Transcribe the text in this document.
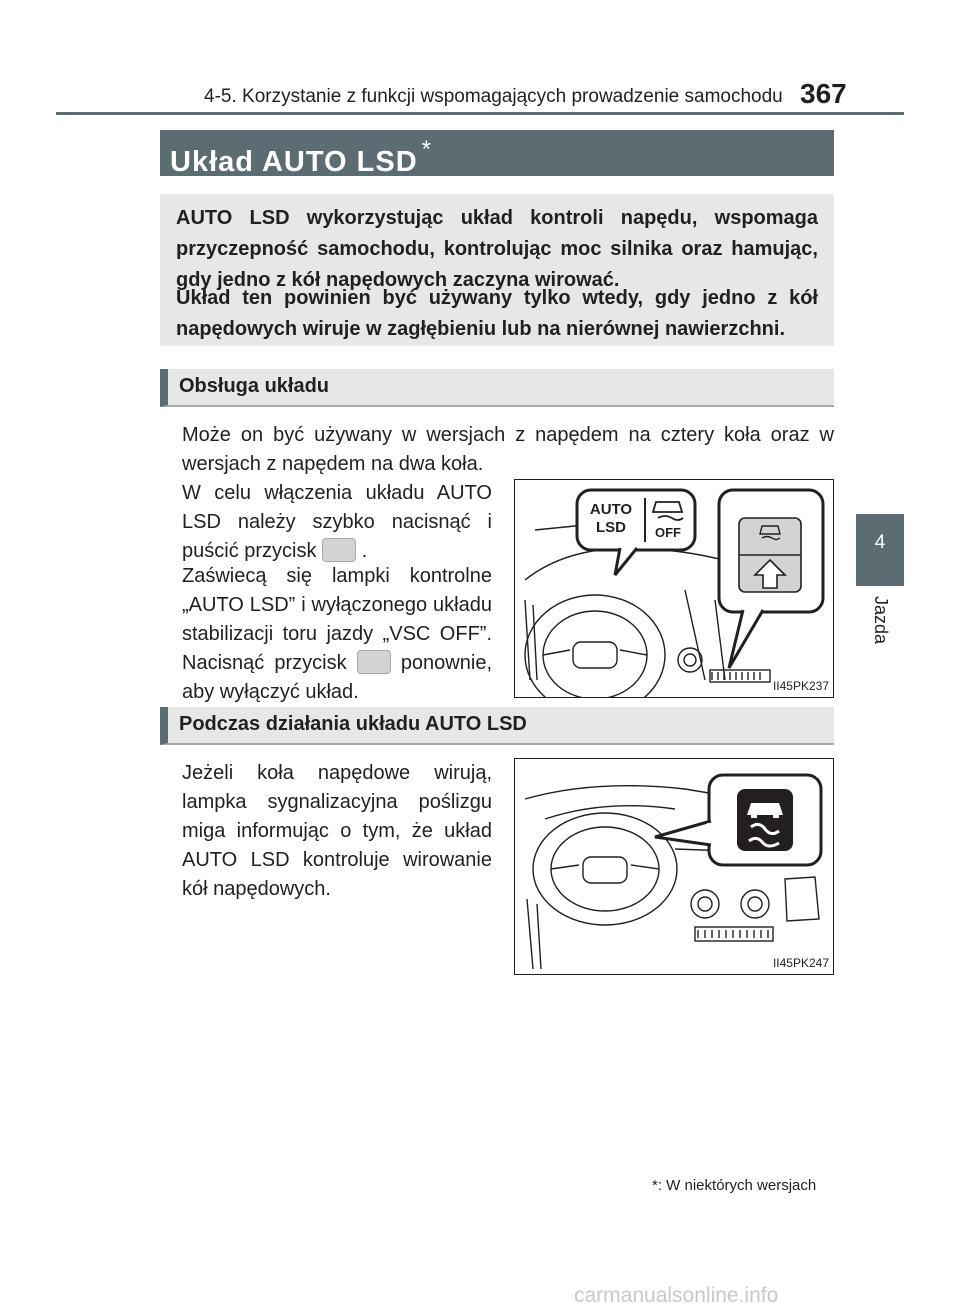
4-5. Korzystanie z funkcji wspomagających prowadzenie samochodu 367
4
Jazda
Układ AUTO LSD *

AUTO LSD wykorzystując układ kontroli napędu, wspomaga przyczepność samochodu, kontrolując moc silnika oraz hamując, gdy jedno z kół napędowych zaczyna wirować.

Układ ten powinien być używany tylko wtedy, gdy jedno z kół napędowych wiruje w zagłębieniu lub na nierównej nawierzchni.

Obsługa układu

Może on być używany w wersjach z napędem na cztery koła oraz w wersjach z napędem na dwa koła.

W celu włączenia układu AUTO LSD należy szybko nacisnąć i puścić przycisk .

Zaświecą się lampki kontrolne „AUTO LSD” i wyłączonego układu stabilizacji toru jazdy „VSC OFF”. Nacisnąć przycisk	ponownie, aby wyłączyć układ.

AUTO
LSD OFF
II45PK237
Podczas działania układu AUTO LSD

Jeżeli koła napędowe wirują, lampka sygnalizacyjna poślizgu miga informując o tym, że układ AUTO LSD kontroluje wirowanie kół napędowych.

II45PK247
*: W niektórych wersjach
carmanualsonline.info
